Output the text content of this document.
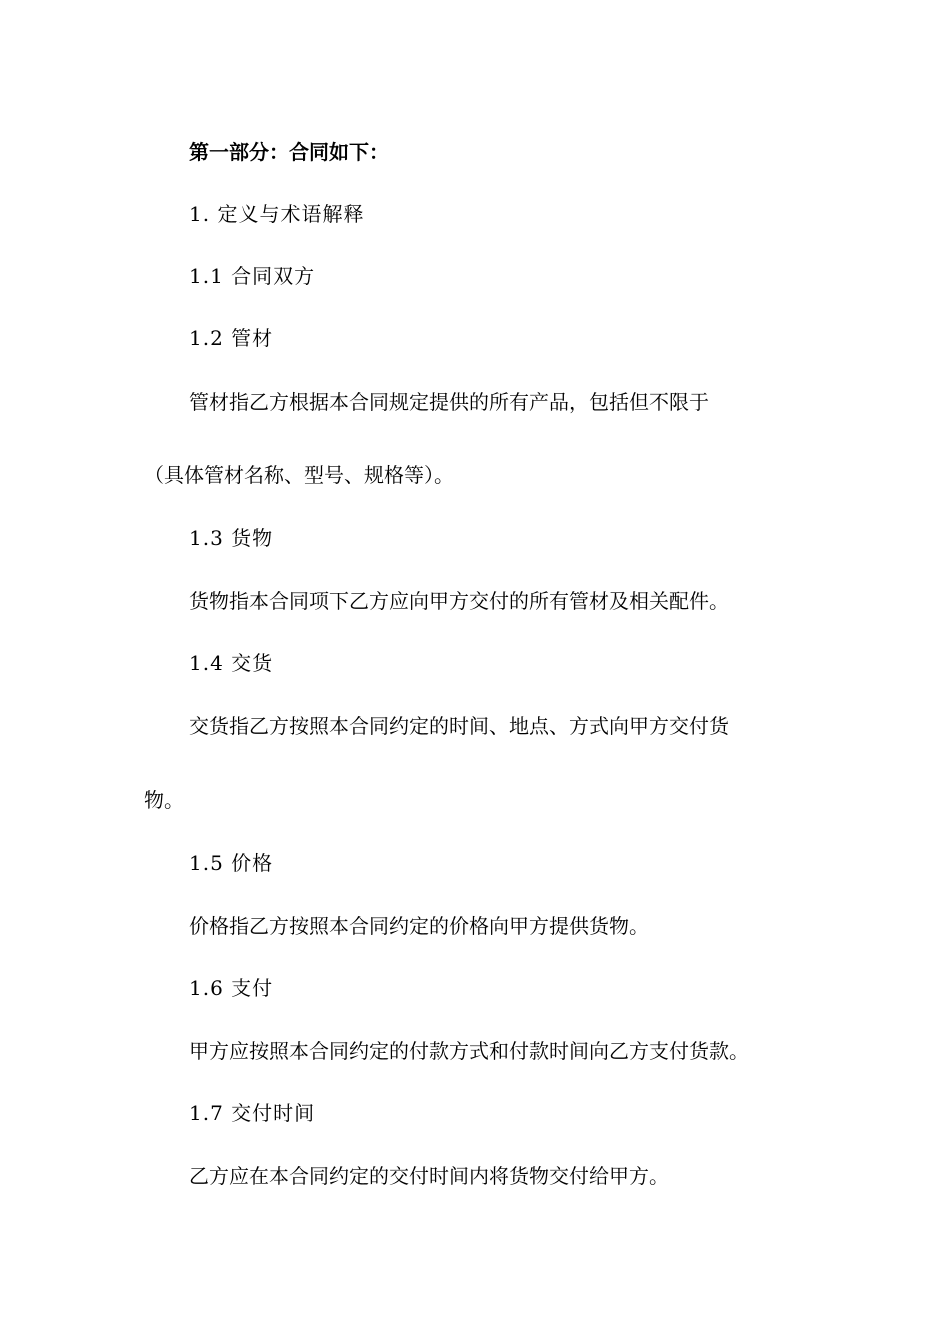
第一部分：合同如下：
1. 定义与术语解释
1.1 合同双方
1.2 管材
管材指乙方根据本合同规定提供的所有产品，包括但不限于
（具体管材名称、型号、规格等）。
1.3 货物
货物指本合同项下乙方应向甲方交付的所有管材及相关配件。
1.4 交货
交货指乙方按照本合同约定的时间、地点、方式向甲方交付货
物。
1.5 价格
价格指乙方按照本合同约定的价格向甲方提供货物。
1.6 支付
甲方应按照本合同约定的付款方式和付款时间向乙方支付货款。
1.7 交付时间
乙方应在本合同约定的交付时间内将货物交付给甲方。
